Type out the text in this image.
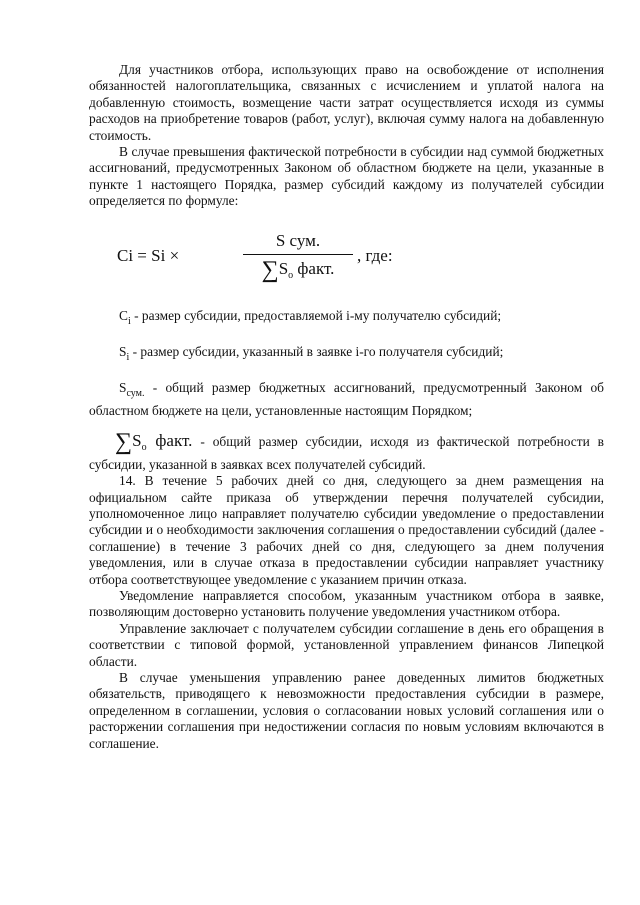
Для участников отбора, использующих право на освобождение от исполнения обязанностей налогоплательщика, связанных с исчислением и уплатой налога на добавленную стоимость, возмещение части затрат осуществляется исходя из суммы расходов на приобретение товаров (работ, услуг), включая сумму налога на добавленную стоимость.

В случае превышения фактической потребности в субсидии над суммой бюджетных ассигнований, предусмотренных Законом об областном бюджете на цели, указанные в пункте 1 настоящего Порядка, размер субсидий каждому из получателей субсидии определяется по формуле:

Ci = Si ×
S сум.
$\sum S_o$ факт.
, где:

$C_i$ - размер субсидии, предоставляемой i-му получателю субсидий;

$S_i$ - размер субсидии, указанный в заявке i-го получателя субсидий;

$S_{сум.}$ - общий размер бюджетных ассигнований, предусмотренный Законом об областном бюджете на цели, установленные настоящим Порядком;

$\sum S_o$ факт. - общий размер субсидии, исходя из фактической потребности в субсидии, указанной в заявках всех получателей субсидий.

14. В течение 5 рабочих дней со дня, следующего за днем размещения на официальном сайте приказа об утверждении перечня получателей субсидии, уполномоченное лицо направляет получателю субсидии уведомление о предоставлении субсидии и о необходимости заключения соглашения о предоставлении субсидий (далее - соглашение) в течение 3 рабочих дней со дня, следующего за днем получения уведомления, или в случае отказа в предоставлении субсидии направляет участнику отбора соответствующее уведомление с указанием причин отказа.

Уведомление направляется способом, указанным участником отбора в заявке, позволяющим достоверно установить получение уведомления участником отбора.

Управление заключает с получателем субсидии соглашение в день его обращения в соответствии с типовой формой, установленной управлением финансов Липецкой области.

В случае уменьшения управлению ранее доведенных лимитов бюджетных обязательств, приводящего к невозможности предоставления субсидии в размере, определенном в соглашении, условия о согласовании новых условий соглашения или о расторжении соглашения при недостижении согласия по новым условиям включаются в соглашение.
